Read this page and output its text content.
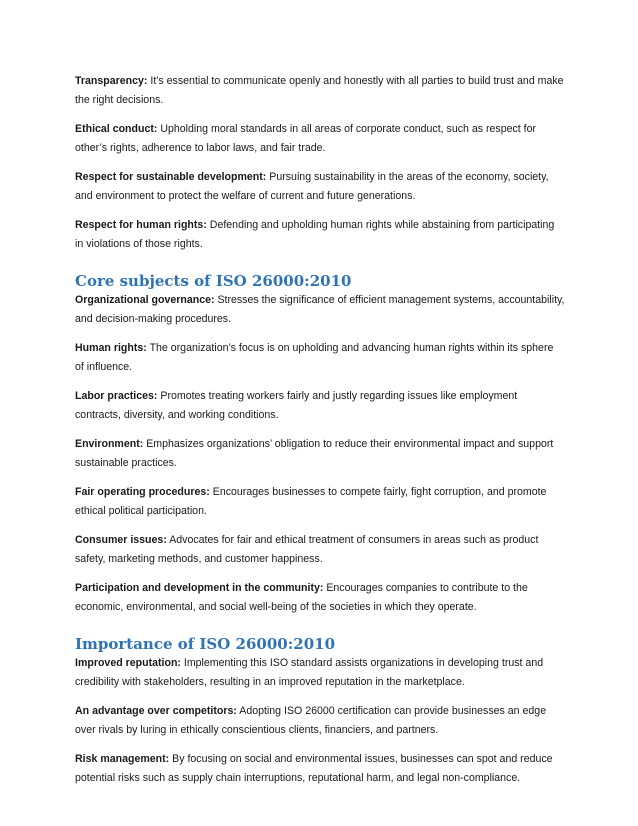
Transparency: It’s essential to communicate openly and honestly with all parties to build trust and make the right decisions.

Ethical conduct: Upholding moral standards in all areas of corporate conduct, such as respect for other’s rights, adherence to labor laws, and fair trade.

Respect for sustainable development: Pursuing sustainability in the areas of the economy, society, and environment to protect the welfare of current and future generations.

Respect for human rights: Defending and upholding human rights while abstaining from participating in violations of those rights.

Core subjects of ISO 26000:2010

Organizational governance: Stresses the significance of efficient management systems, accountability, and decision-making procedures.

Human rights: The organization’s focus is on upholding and advancing human rights within its sphere of influence.

Labor practices: Promotes treating workers fairly and justly regarding issues like employment contracts, diversity, and working conditions.

Environment: Emphasizes organizations’ obligation to reduce their environmental impact and support sustainable practices.

Fair operating procedures: Encourages businesses to compete fairly, fight corruption, and promote ethical political participation.

Consumer issues: Advocates for fair and ethical treatment of consumers in areas such as product safety, marketing methods, and customer happiness.

Participation and development in the community: Encourages companies to contribute to the economic, environmental, and social well-being of the societies in which they operate.

Importance of ISO 26000:2010

Improved reputation: Implementing this ISO standard assists organizations in developing trust and credibility with stakeholders, resulting in an improved reputation in the marketplace.

An advantage over competitors: Adopting ISO 26000 certification can provide businesses an edge over rivals by luring in ethically conscientious clients, financiers, and partners.

Risk management: By focusing on social and environmental issues, businesses can spot and reduce potential risks such as supply chain interruptions, reputational harm, and legal non-compliance.
